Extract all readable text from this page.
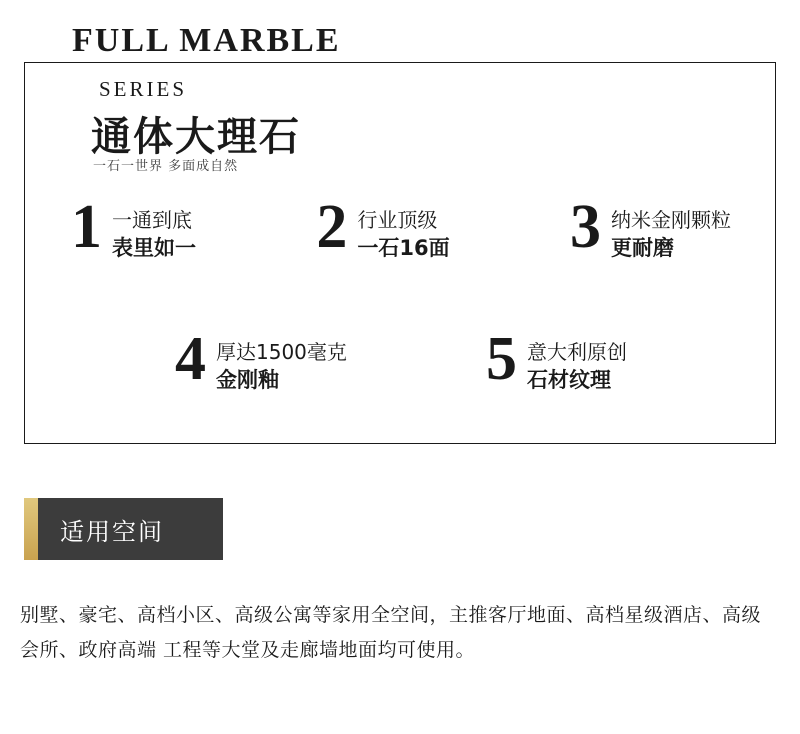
SERIES
通体大理石
一石一世界 多面成自然
1 一通到底
表里如一 2 行业顶级
一石16面 3 纳米金刚颗粒
更耐磨
4 厚达1500毫克
金刚釉	5 意大利原创
石材纹理
FULL MARBLE
适用空间
别墅、豪宅、高档小区、高级公寓等家用全空间，主推客厅地面、高档星级酒店、高级会所、政府高端 工程等大堂及走廊墙地面均可使用。
